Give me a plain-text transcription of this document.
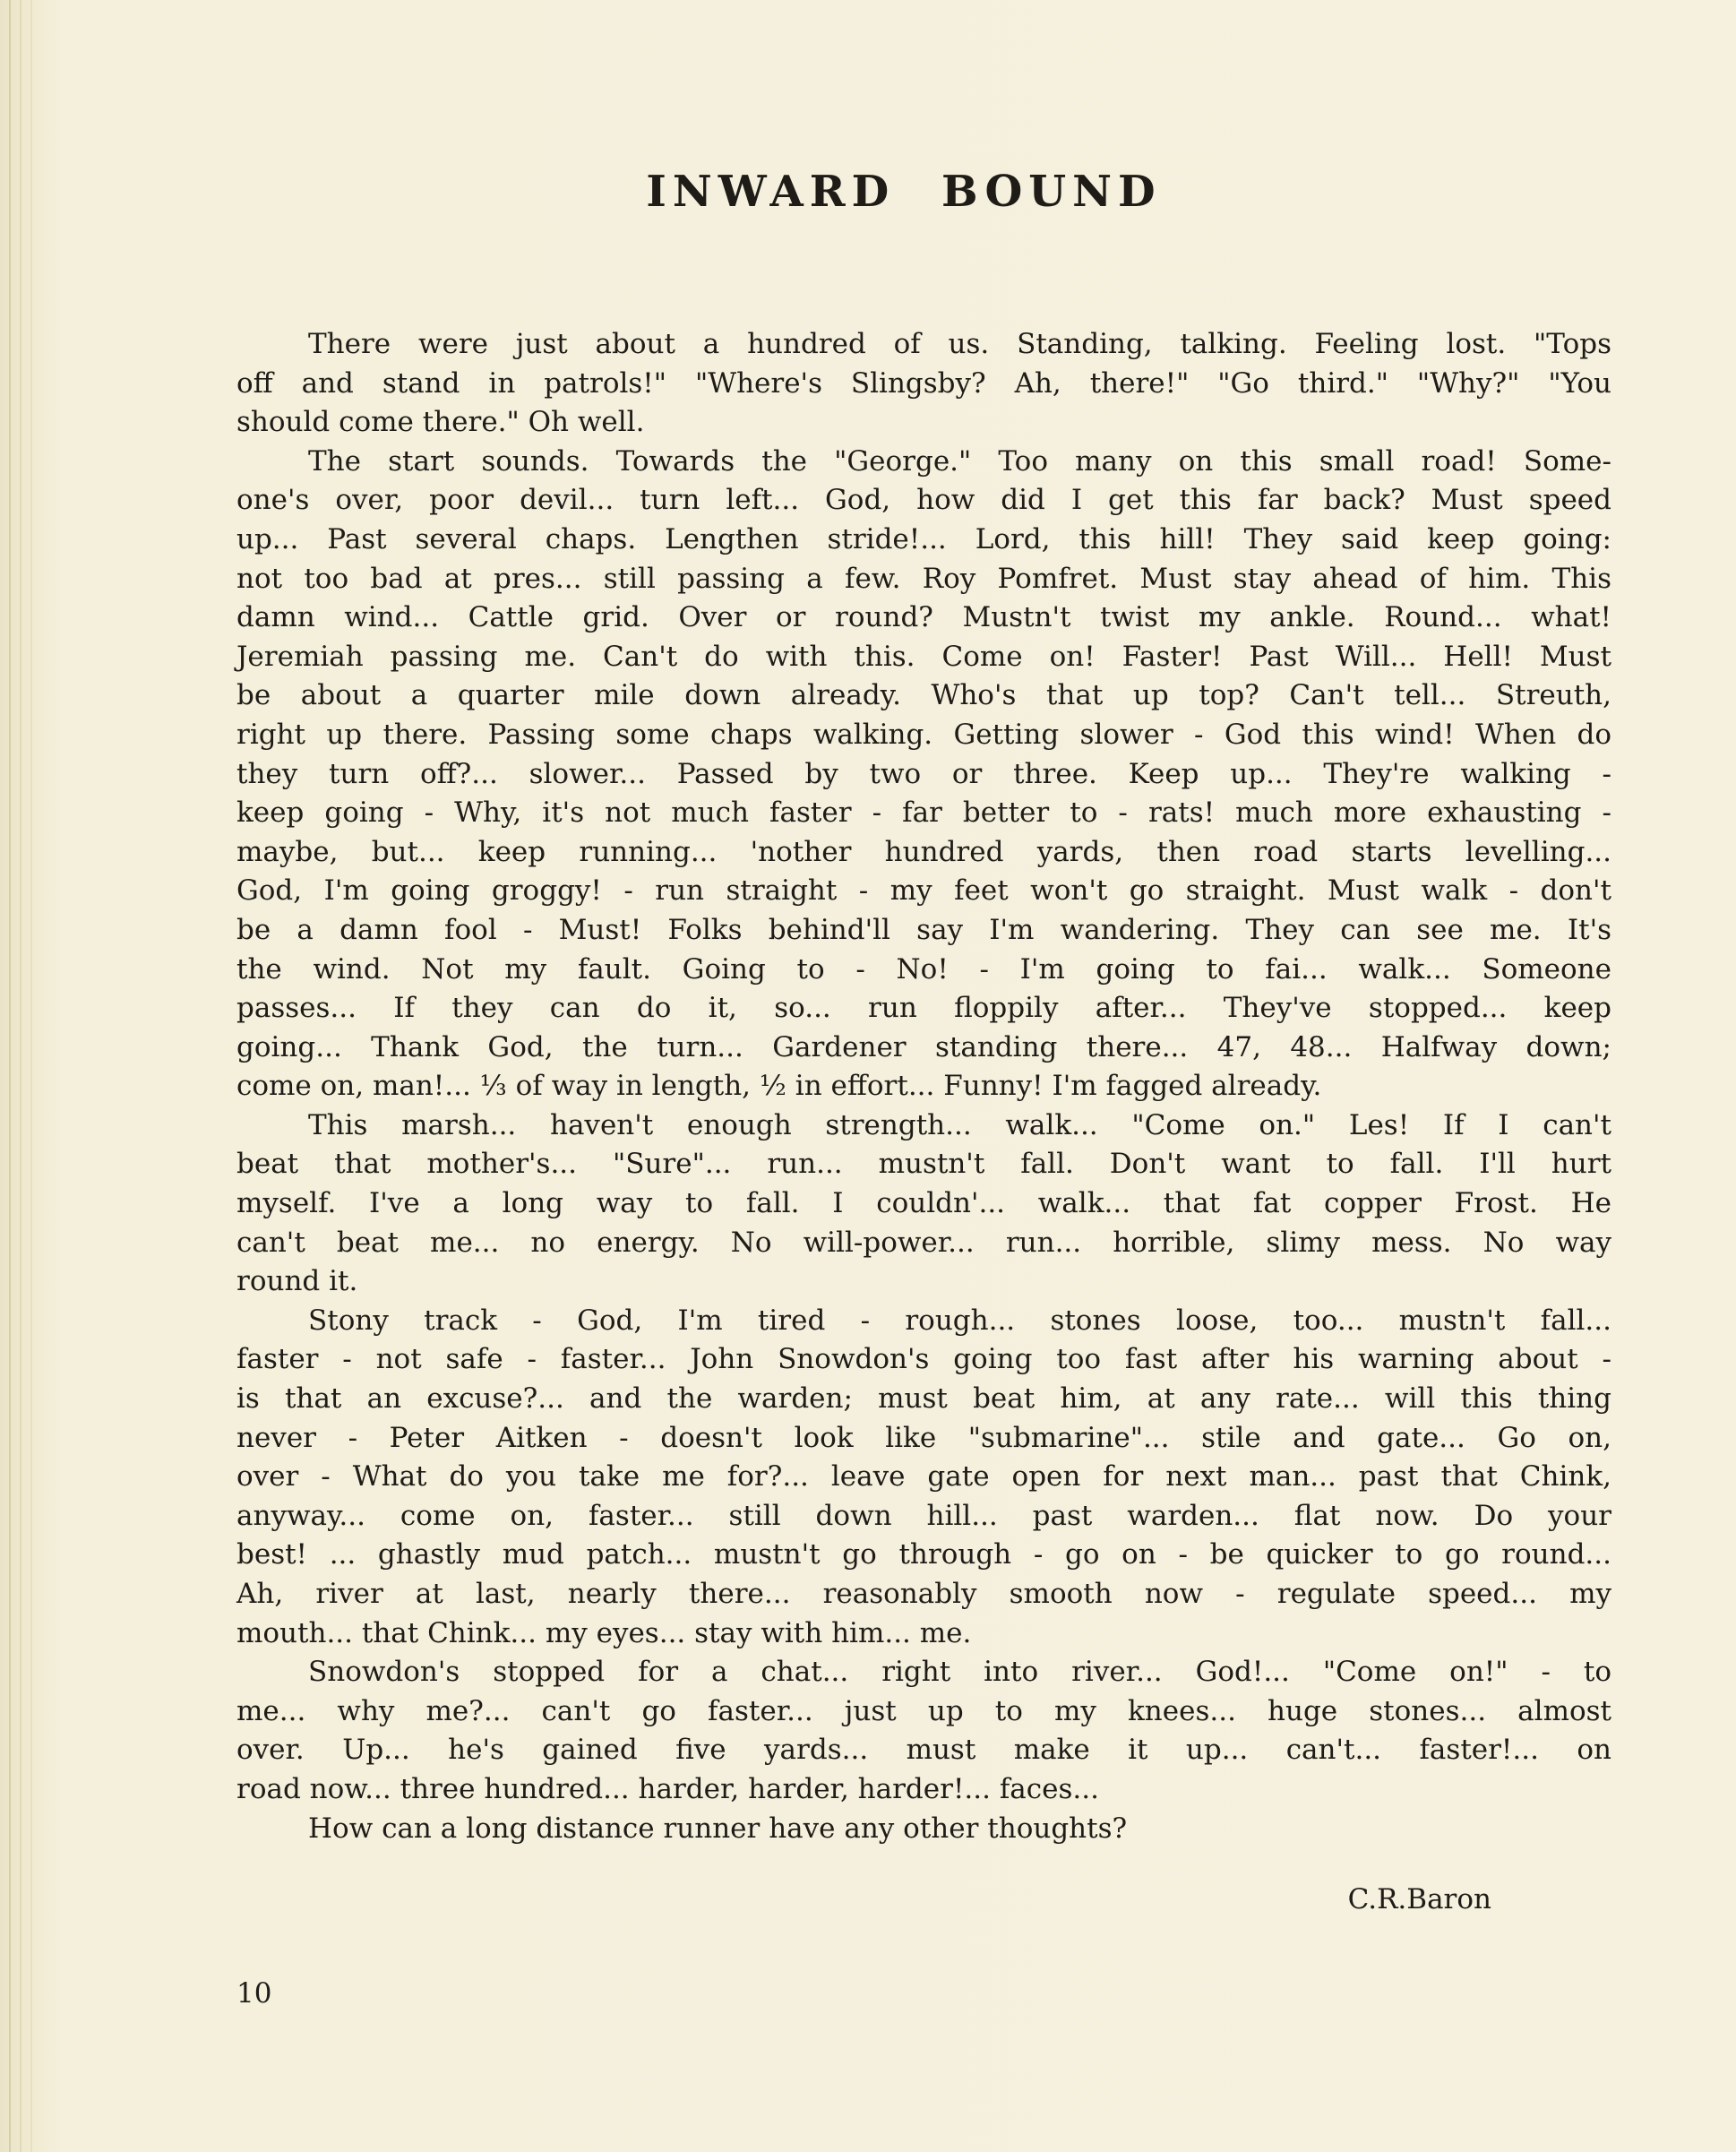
INWARD BOUND
There were just about a hundred of us. Standing, talking. Feeling lost. "Tops
off and stand in patrols!" "Where's Slingsby? Ah, there!" "Go third." "Why?" "You
should come there." Oh well.
The start sounds. Towards the "George." Too many on this small road! Some-
one's over, poor devil... turn left... God, how did I get this far back? Must speed
up... Past several chaps. Lengthen stride!... Lord, this hill! They said keep going:
not too bad at pres... still passing a few. Roy Pomfret. Must stay ahead of him. This
damn wind... Cattle grid. Over or round? Mustn't twist my ankle. Round... what!
Jeremiah passing me. Can't do with this. Come on! Faster! Past Will... Hell! Must
be about a quarter mile down already. Who's that up top? Can't tell... Streuth,
right up there. Passing some chaps walking. Getting slower - God this wind! When do
they turn off?... slower... Passed by two or three. Keep up... They're walking -
keep going - Why, it's not much faster - far better to - rats! much more exhausting -
maybe, but... keep running... 'nother hundred yards, then road starts levelling...
God, I'm going groggy! - run straight - my feet won't go straight. Must walk - don't
be a damn fool - Must! Folks behind'll say I'm wandering. They can see me. It's
the wind. Not my fault. Going to - No! - I'm going to fai... walk... Someone
passes... If they can do it, so... run floppily after... They've stopped... keep
going... Thank God, the turn... Gardener standing there... 47, 48... Halfway down;
come on, man!... ⅓ of way in length, ½ in effort... Funny! I'm fagged already.
This marsh... haven't enough strength... walk... "Come on." Les! If I can't
beat that mother's... "Sure"... run... mustn't fall. Don't want to fall. I'll hurt
myself. I've a long way to fall. I couldn'... walk... that fat copper Frost. He
can't beat me... no energy. No will-power... run... horrible, slimy mess. No way
round it.
Stony track - God, I'm tired - rough... stones loose, too... mustn't fall...
faster - not safe - faster... John Snowdon's going too fast after his warning about -
is that an excuse?... and the warden; must beat him, at any rate... will this thing
never - Peter Aitken - doesn't look like "submarine"... stile and gate... Go on,
over - What do you take me for?... leave gate open for next man... past that Chink,
anyway... come on, faster... still down hill... past warden... flat now. Do your
best! ... ghastly mud patch... mustn't go through - go on - be quicker to go round...
Ah, river at last, nearly there... reasonably smooth now - regulate speed... my
mouth... that Chink... my eyes... stay with him... me.
Snowdon's stopped for a chat... right into river... God!... "Come on!" - to
me... why me?... can't go faster... just up to my knees... huge stones... almost
over. Up... he's gained five yards... must make it up... can't... faster!... on
road now... three hundred... harder, harder, harder!... faces...
How can a long distance runner have any other thoughts?

C.R.Baron

10
